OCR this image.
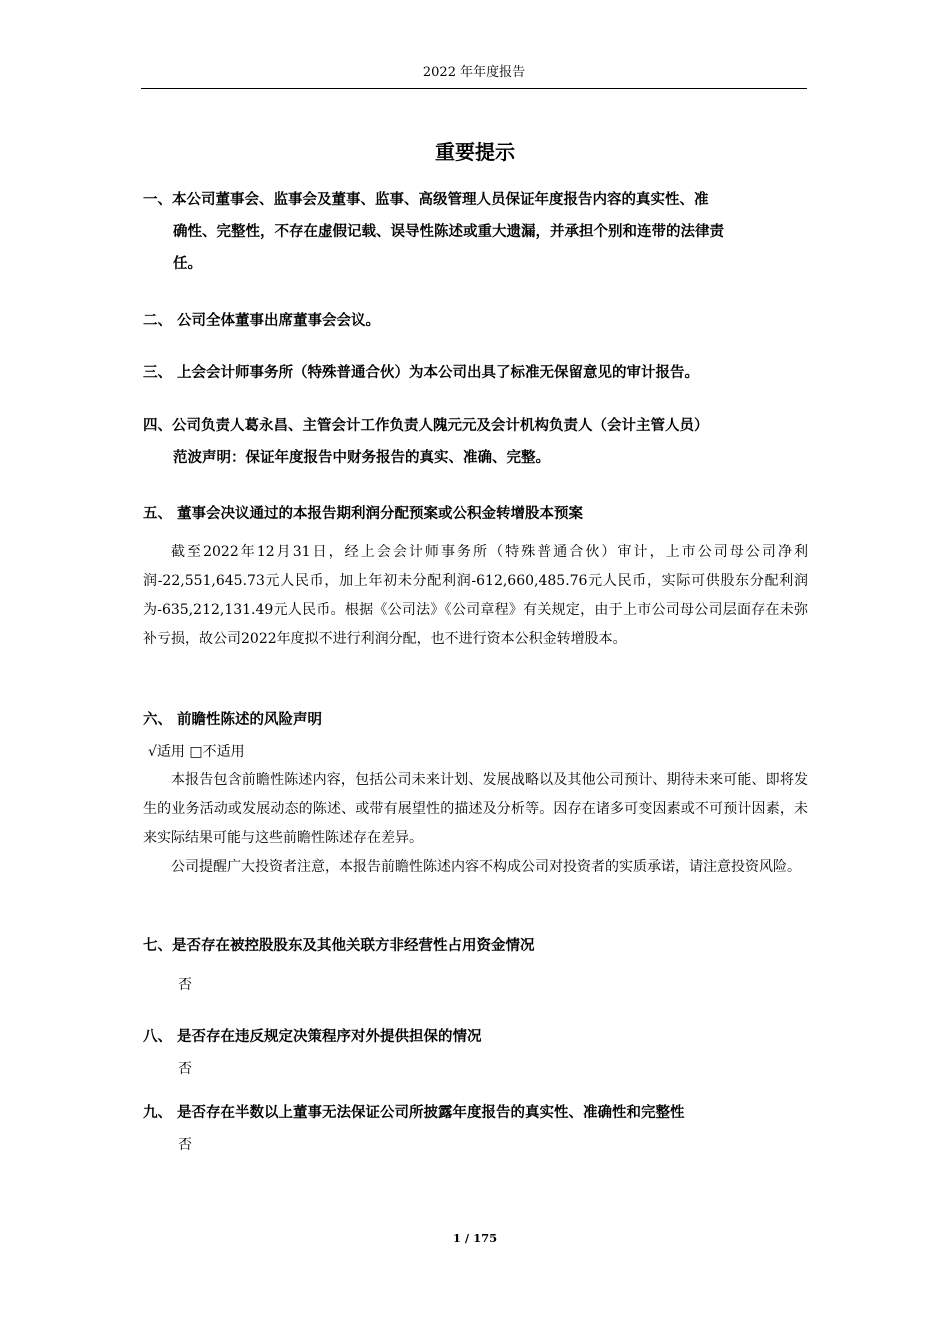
2022 年年度报告
重要提示
一、本公司董事会、监事会及董事、监事、高级管理人员保证年度报告内容的真实性、准
确性、完整性，不存在虚假记载、误导性陈述或重大遗漏，并承担个别和连带的法律责
任。
二、 公司全体董事出席董事会会议。
三、 上会会计师事务所（特殊普通合伙）为本公司出具了标准无保留意见的审计报告。
四、公司负责人葛永昌、主管会计工作负责人隗元元及会计机构负责人（会计主管人员）
范波声明：保证年度报告中财务报告的真实、准确、完整。
五、 董事会决议通过的本报告期利润分配预案或公积金转增股本预案
截至2022年12月31日，经上会会计师事务所（特殊普通合伙）审计，上市公司母公司净利润-22,551,645.73元人民币，加上年初未分配利润-612,660,485.76元人民币，实际可供股东分配利润为-635,212,131.49元人民币。根据《公司法》《公司章程》有关规定，由于上市公司母公司层面存在未弥补亏损，故公司2022年度拟不进行利润分配，也不进行资本公积金转增股本。
六、 前瞻性陈述的风险声明
√适用 □不适用
本报告包含前瞻性陈述内容，包括公司未来计划、发展战略以及其他公司预计、期待未来可能、即将发生的业务活动或发展动态的陈述、或带有展望性的描述及分析等。因存在诸多可变因素或不可预计因素，未来实际结果可能与这些前瞻性陈述存在差异。
公司提醒广大投资者注意，本报告前瞻性陈述内容不构成公司对投资者的实质承诺，请注意投资风险。
七、是否存在被控股股东及其他关联方非经营性占用资金情况
否
八、 是否存在违反规定决策程序对外提供担保的情况
否
九、 是否存在半数以上董事无法保证公司所披露年度报告的真实性、准确性和完整性
否
1 / 175
